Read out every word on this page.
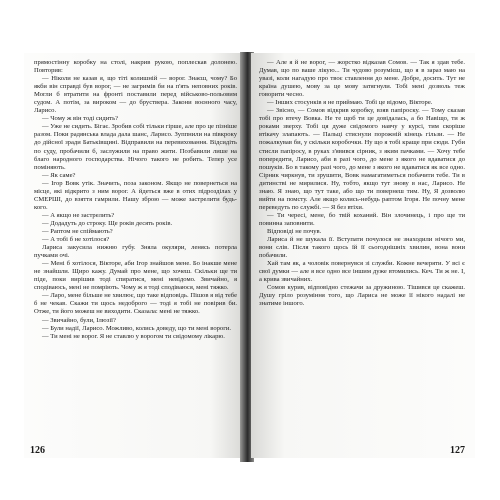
прямостінну коробку на столі, накрив рукою, поплескав долонею. Повторив:

— Ніколи не казав я, що тіті колишній — ворог. Знаєш, чому? Бо якби він справді був ворог, — не загримів би на п'ять неповних років. Могли б втратити на фронті поставили перед військово-польовим судом. А потім, за вироком — до бруствера. Закони воєнного часу, Ларисо.

— Чому ж він тоді сидить?

— Уже не сидить. Бігає. Зробив собі тільки гірше, але про це пізніше разом. Поки радянська влада дала шанс, Ларисо. Зуппнили на півкроку до дійсної зради Батьківщині. Відправили на перевиховання. Відсидіть по суду, пробачили б, заслужили на право жити. Позбавили лише на благо народного господарства. Нічого такого не робить. Тепер усе поміняють.

— Як саме?

— Ігор Вовк утік. Значить, поза законом. Якщо не повернеться на місце, які відкрито з ним ворог. А йдеться вже в отих підрозділах у СМЕРШІ, до взяття гамрили. Нашу зброю — може застрелити будь-кого.

— А якщо не застрелить?

— Додадуть до строку. Ще років десять років.

— Раптом не спіймають?

— А тобі б не хотілося?

Лариса закусила нижню губу. Зняла окуляри, ленясь потерла пучками очі.

— Мені б хотілося, Вікторе, аби Ігор знайшов мене. Бо інакше мене не знайшли. Щиро кажу. Думай про мене, що хочеш. Скільки ще ти піде, поки вирішив тоді спиратися, мені невідомо. Звичайно, я сподіваюсь, мені не помріють. Чому ж я тоді сподіваюся, мені тяжко.

— Ларо, мене більше не хвилює, що таке відповідь. Пішов я від тебе б не чекав. Скажи ти щось недоброго — тоді я тобі не повірив би. Отже, ти його можеш не виходити. Сказала: мені не тяжко.

— Звичайно, були, Ілюзії?

— Були надії, Ларисо. Можливо, колись доведу, що ти мені вороги.

— Ти мені не ворог. Я не ставлю у ворогом ти свідомому лікарю.

126

— Але я й не ворог, — жорстко відказав Сомов. — Так я здав тебе. Думав, що по ваше лікую... Ти чудово розумієш, що я в зараз маю на увазі, коли нагадую про твоє ставлення до мене. Добре, досить. Тут не країна душею, мову за це мову затягнули. Тобі мені дозволь теж говорити чесно.

— Інших стосунків я не приймаю. Тобі це відомо, Вікторе.

— Звісно, — Сомов відкрив коробку, взяв папіроску. — Тому сказав тобі про втечу Вовка. Не те щоб ти це довідалась, а бо Навіщо, ти ж роками зверху. Тобі ця дуже свідомого навчу у курсі, тим скоріше втікачу злапають. — Пальці стиснули порожній кінець гільзи. — Не пожалкував би, у скільки коробочки. Ну що я тобі краще при сюди. Губи стисли папіросу, в руках з'явився сірник, з яким пачками. — Хочу тебе попередити, Ларисо, аби в разі чого, до мене з якого не вдаватися до пошуків. Бо в такому разі чого, до мене з якого не вдаватися як все одно. Сірник чиркнув, ти зрушити, Вовк намагатиметься побачити тебе. Ти в дитинстві не мирилися. Ну, тобто, якщо тут знову в нас, Ларисо. Не знаю. Я знаю, що тут таке, або що ти повернеш тим. Ну, Я дозволю вийти на помсту. Але якщо колись-небудь раптом Ігоря. Не почну мене переведуть по службі. — Я без втіхи.

— Ти чересі, мене, бо твій коханий. Він злочинець, і про ще ти повинна заповнити.

Відповіді не почув.

Лариса й не шукала її. Вступати почулося не знаходили нічого ми, вони слів. Після такого щось їй її сьогоднішніх хвилин, вона вони побачили.

Хай там як, а чоловік повернувся зі служби. Кожне вечеряти. У всі є свої думки — але я все одно все іншим дуже втомились. Кеч. Ти ж не. І, а крива звичайних.

Сомов курив, відповідно стежачи за дружиною. Тішився це скажеш. Душу гріло розуміння того, що Лариса не може її нікого надалі не знатиме іншого.

127
